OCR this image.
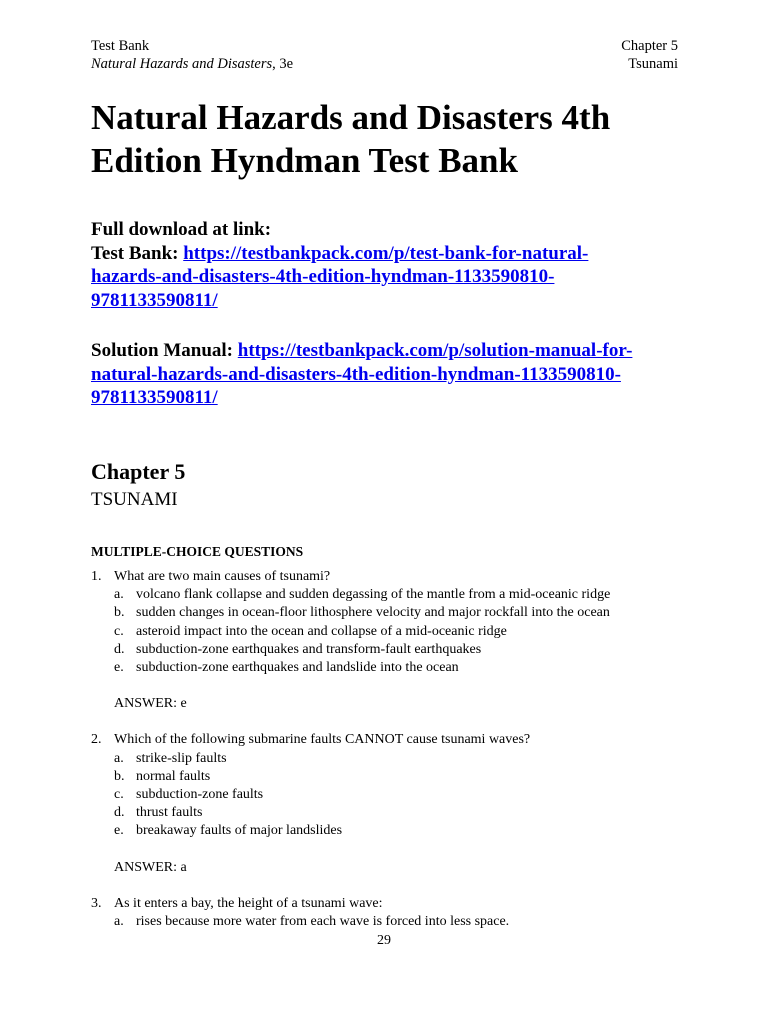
Test Bank
Natural Hazards and Disasters, 3e
Chapter 5
Tsunami
Natural Hazards and Disasters 4th
Edition Hyndman Test Bank
Full download at link:
Test Bank: https://testbankpack.com/p/test-bank-for-natural-
hazards-and-disasters-4th-edition-hyndman-1133590810-
9781133590811/
Solution Manual: https://testbankpack.com/p/solution-manual-for-
natural-hazards-and-disasters-4th-edition-hyndman-1133590810-
9781133590811/
Chapter 5
TSUNAMI
MULTIPLE-CHOICE QUESTIONS
1. What are two main causes of tsunami?
a. volcano flank collapse and sudden degassing of the mantle from a mid-oceanic ridge
b. sudden changes in ocean-floor lithosphere velocity and major rockfall into the ocean
c. asteroid impact into the ocean and collapse of a mid-oceanic ridge
d. subduction-zone earthquakes and transform-fault earthquakes
e. subduction-zone earthquakes and landslide into the ocean
ANSWER: e
2. Which of the following submarine faults CANNOT cause tsunami waves?
a. strike-slip faults
b. normal faults
c. subduction-zone faults
d. thrust faults
e. breakaway faults of major landslides
ANSWER: a
3. As it enters a bay, the height of a tsunami wave:
a. rises because more water from each wave is forced into less space.
29
